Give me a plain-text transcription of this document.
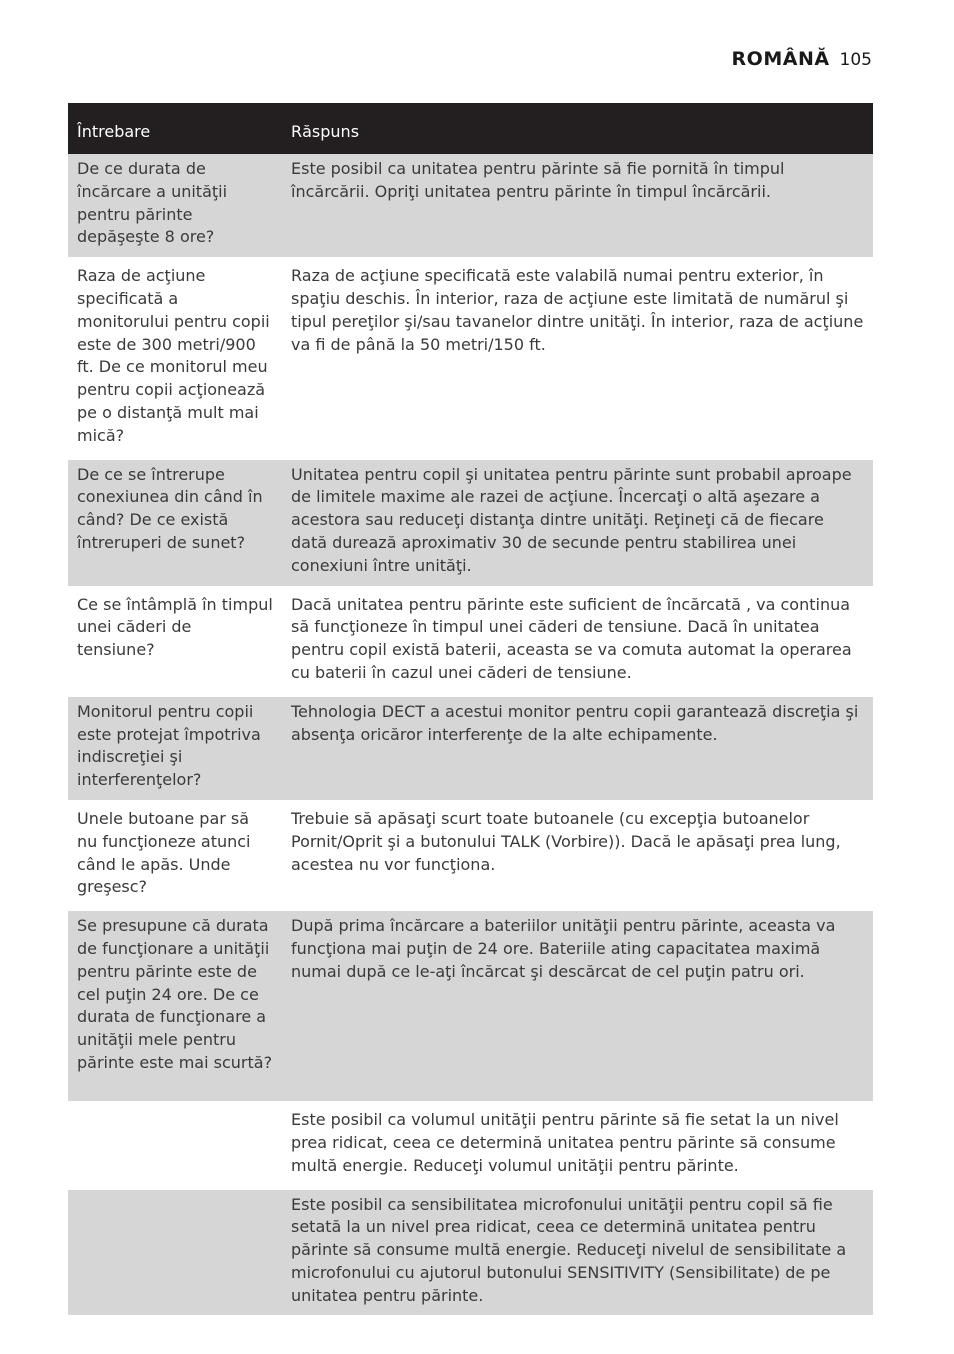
ROMÂNĂ 105
Întrebare	Răspuns
De ce durata de încărcare a unităţii pentru părinte depăşeşte 8 ore?	Este posibil ca unitatea pentru părinte să fie pornită în timpul încărcării. Opriţi unitatea pentru părinte în timpul încărcării.
Raza de acţiune specificată a monitorului pentru copii este de 300 metri/900 ft. De ce monitorul meu pentru copii acţionează pe o distanţă mult mai mică?	Raza de acţiune specificată este valabilă numai pentru exterior, în spaţiu deschis. În interior, raza de acţiune este limitată de numărul şi tipul pereţilor şi/sau tavanelor dintre unităţi. În interior, raza de acţiune va fi de până la 50 metri/150 ft.
De ce se întrerupe conexiunea din când în când? De ce există întreruperi de sunet?	Unitatea pentru copil şi unitatea pentru părinte sunt probabil aproape de limitele maxime ale razei de acţiune. Încercaţi o altă aşezare a acestora sau reduceţi distanţa dintre unităţi. Reţineţi că de fiecare dată durează aproximativ 30 de secunde pentru stabilirea unei conexiuni între unităţi.
Ce se întâmplă în timpul unei căderi de tensiune?	Dacă unitatea pentru părinte este suficient de încărcată , va continua să funcţioneze în timpul unei căderi de tensiune. Dacă în unitatea pentru copil există baterii, aceasta se va comuta automat la operarea cu baterii în cazul unei căderi de tensiune.
Monitorul pentru copii este protejat împotriva indiscreţiei şi interferenţelor?	Tehnologia DECT a acestui monitor pentru copii garantează discreţia şi absenţa oricăror interferenţe de la alte echipamente.
Unele butoane par să nu funcţioneze atunci când le apăs. Unde greşesc?	Trebuie să apăsaţi scurt toate butoanele (cu excepţia butoanelor Pornit/Oprit şi a butonului TALK (Vorbire)). Dacă le apăsaţi prea lung, acestea nu vor funcţiona.
Se presupune că durata de funcţionare a unităţii pentru părinte este de cel puţin 24 ore. De ce durata de funcţionare a unităţii mele pentru părinte este mai scurtă?	După prima încărcare a bateriilor unităţii pentru părinte, aceasta va funcţiona mai puţin de 24 ore. Bateriile ating capacitatea maximă numai după ce le-aţi încărcat şi descărcat de cel puţin patru ori.
	Este posibil ca volumul unităţii pentru părinte să fie setat la un nivel prea ridicat, ceea ce determină unitatea pentru părinte să consume multă energie. Reduceţi volumul unităţii pentru părinte.
	Este posibil ca sensibilitatea microfonului unităţii pentru copil să fie setată la un nivel prea ridicat, ceea ce determină unitatea pentru părinte să consume multă energie. Reduceţi nivelul de sensibilitate a microfonului cu ajutorul butonului SENSITIVITY (Sensibilitate) de pe unitatea pentru părinte.
